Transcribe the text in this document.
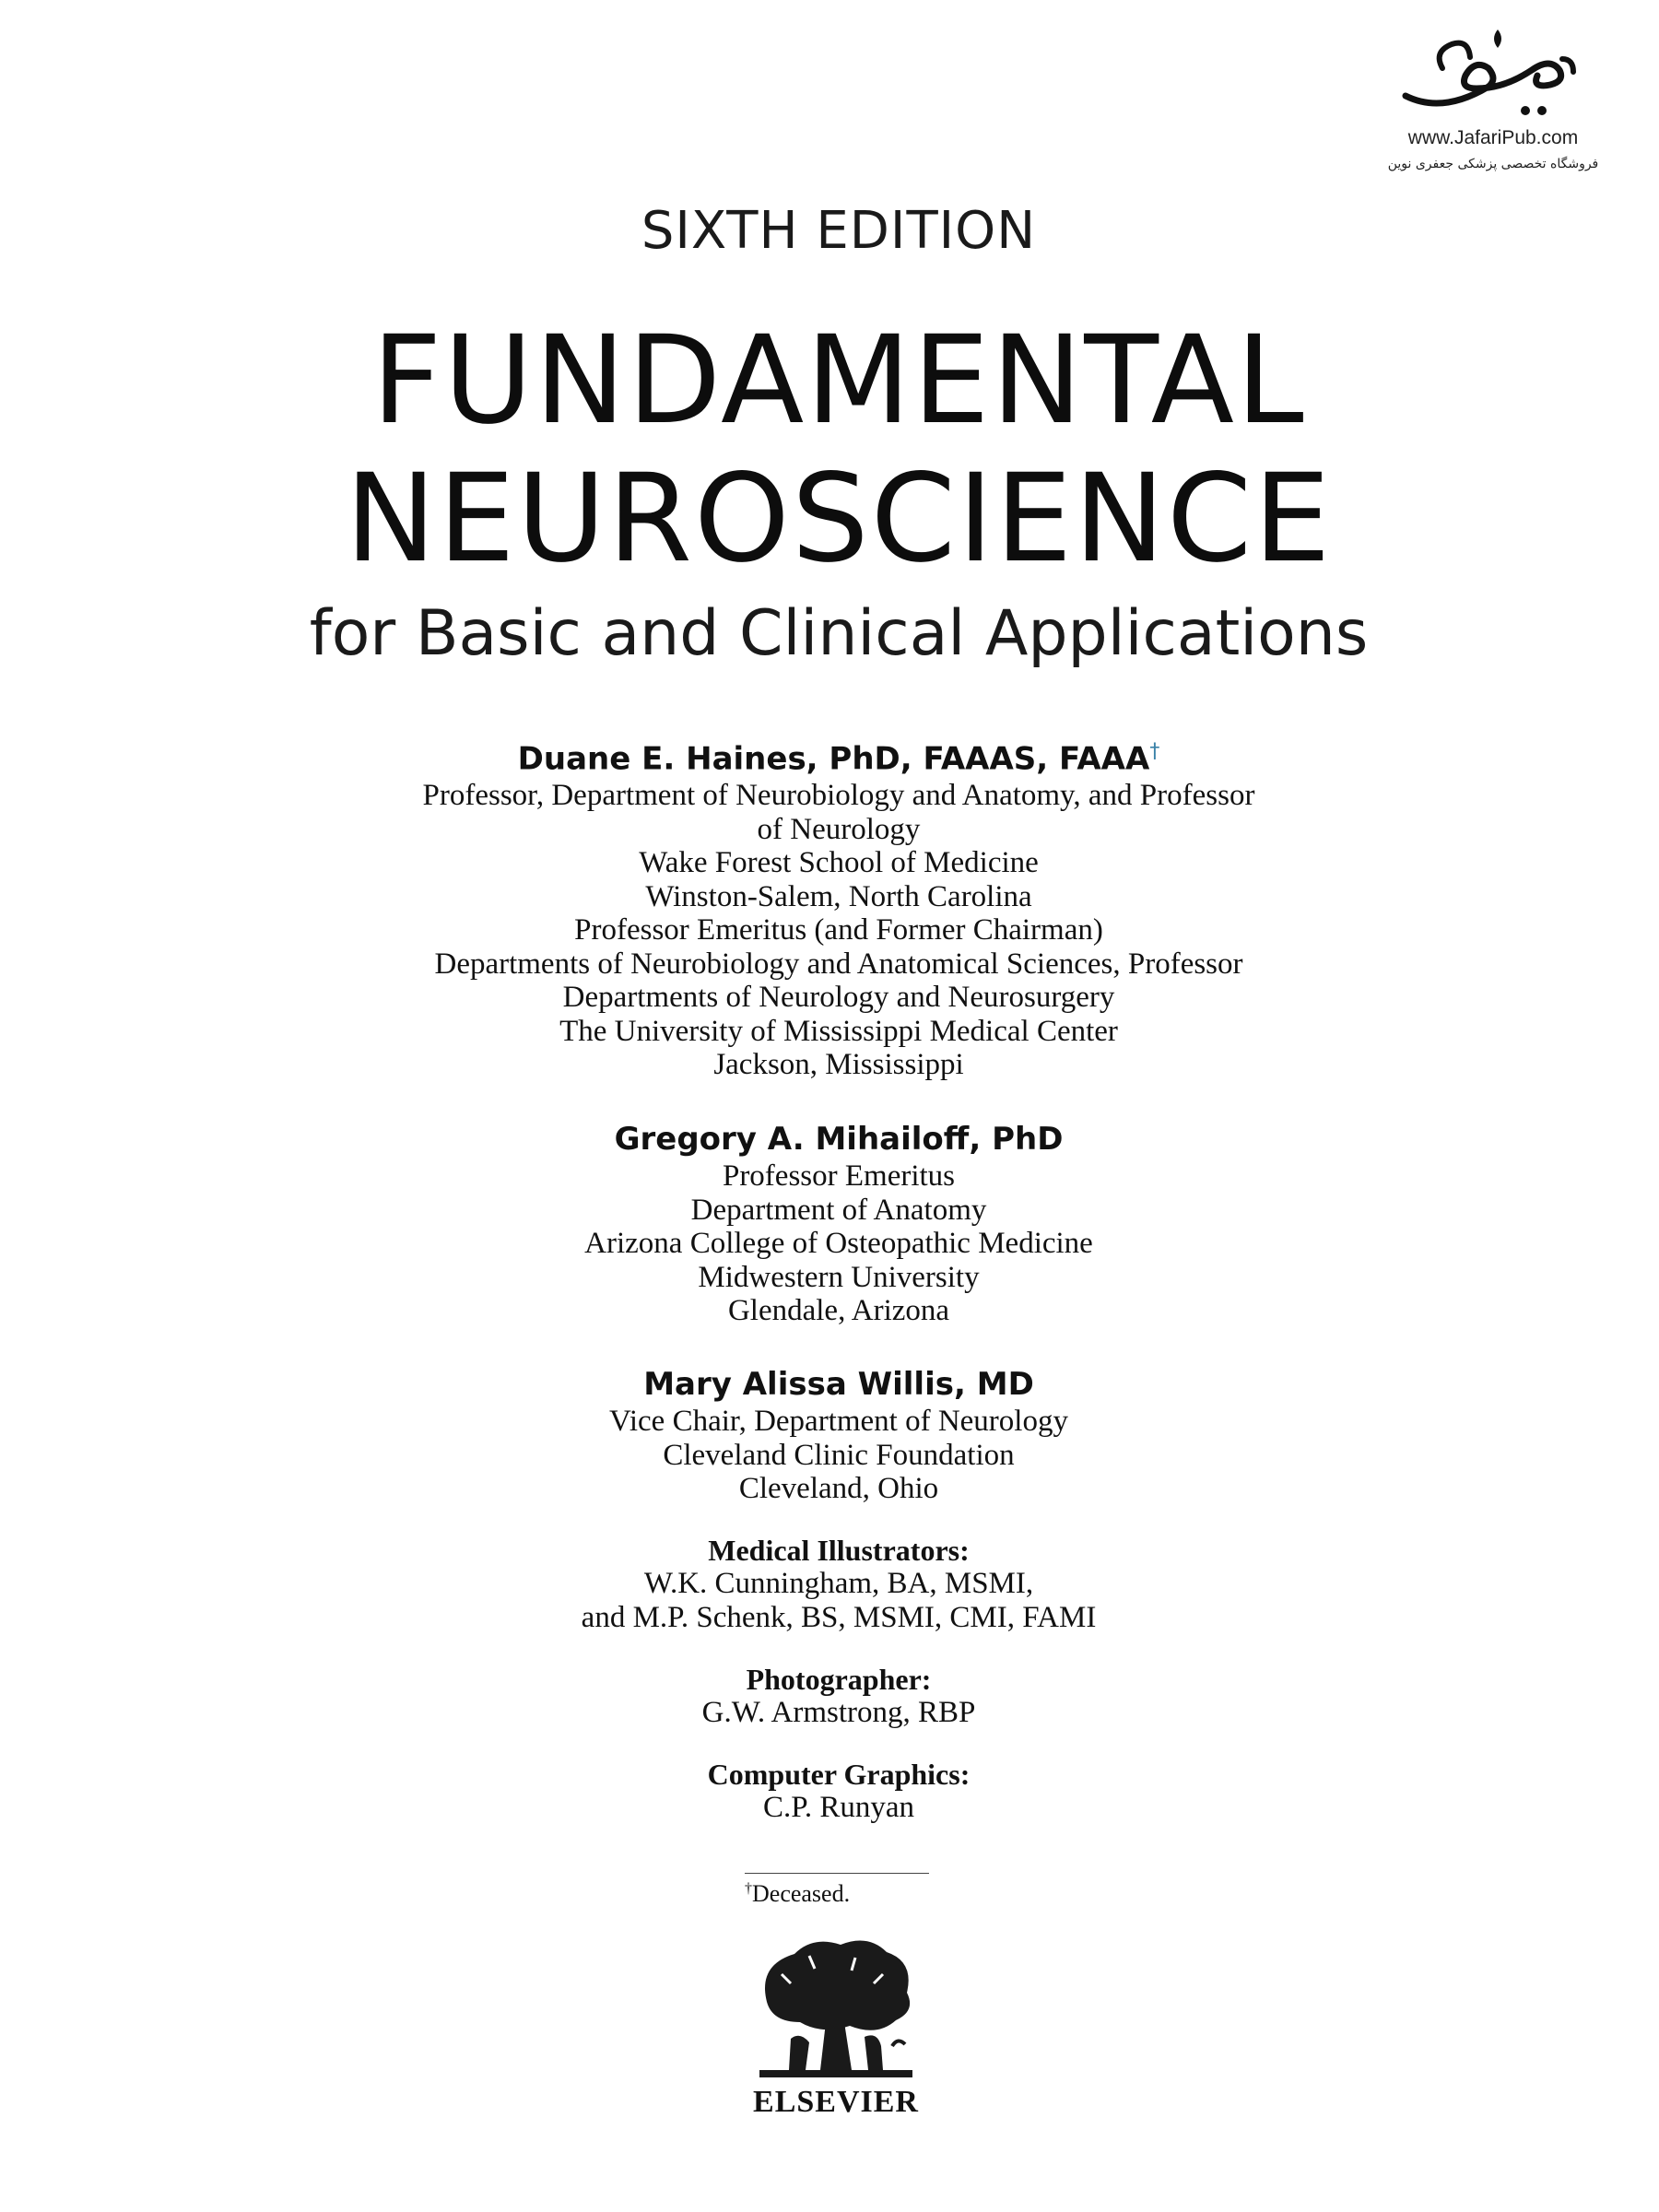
www.JafariPub.com
فروشگاه تخصصی پزشکی جعفری نوین
SIXTH EDITION
FUNDAMENTAL
NEUROSCIENCE
for Basic and Clinical Applications
Duane E. Haines, PhD, FAAAS, FAAA†
Professor, Department of Neurobiology and Anatomy, and Professor
of Neurology
Wake Forest School of Medicine
Winston-Salem, North Carolina
Professor Emeritus (and Former Chairman)
Departments of Neurobiology and Anatomical Sciences, Professor
Departments of Neurology and Neurosurgery
The University of Mississippi Medical Center
Jackson, Mississippi
Gregory A. Mihailoff, PhD
Professor Emeritus
Department of Anatomy
Arizona College of Osteopathic Medicine
Midwestern University
Glendale, Arizona
Mary Alissa Willis, MD
Vice Chair, Department of Neurology
Cleveland Clinic Foundation
Cleveland, Ohio
Medical Illustrators:
W.K. Cunningham, BA, MSMI,
and M.P. Schenk, BS, MSMI, CMI, FAMI
Photographer:
G.W. Armstrong, RBP
Computer Graphics:
C.P. Runyan
†Deceased.
ELSEVIER
